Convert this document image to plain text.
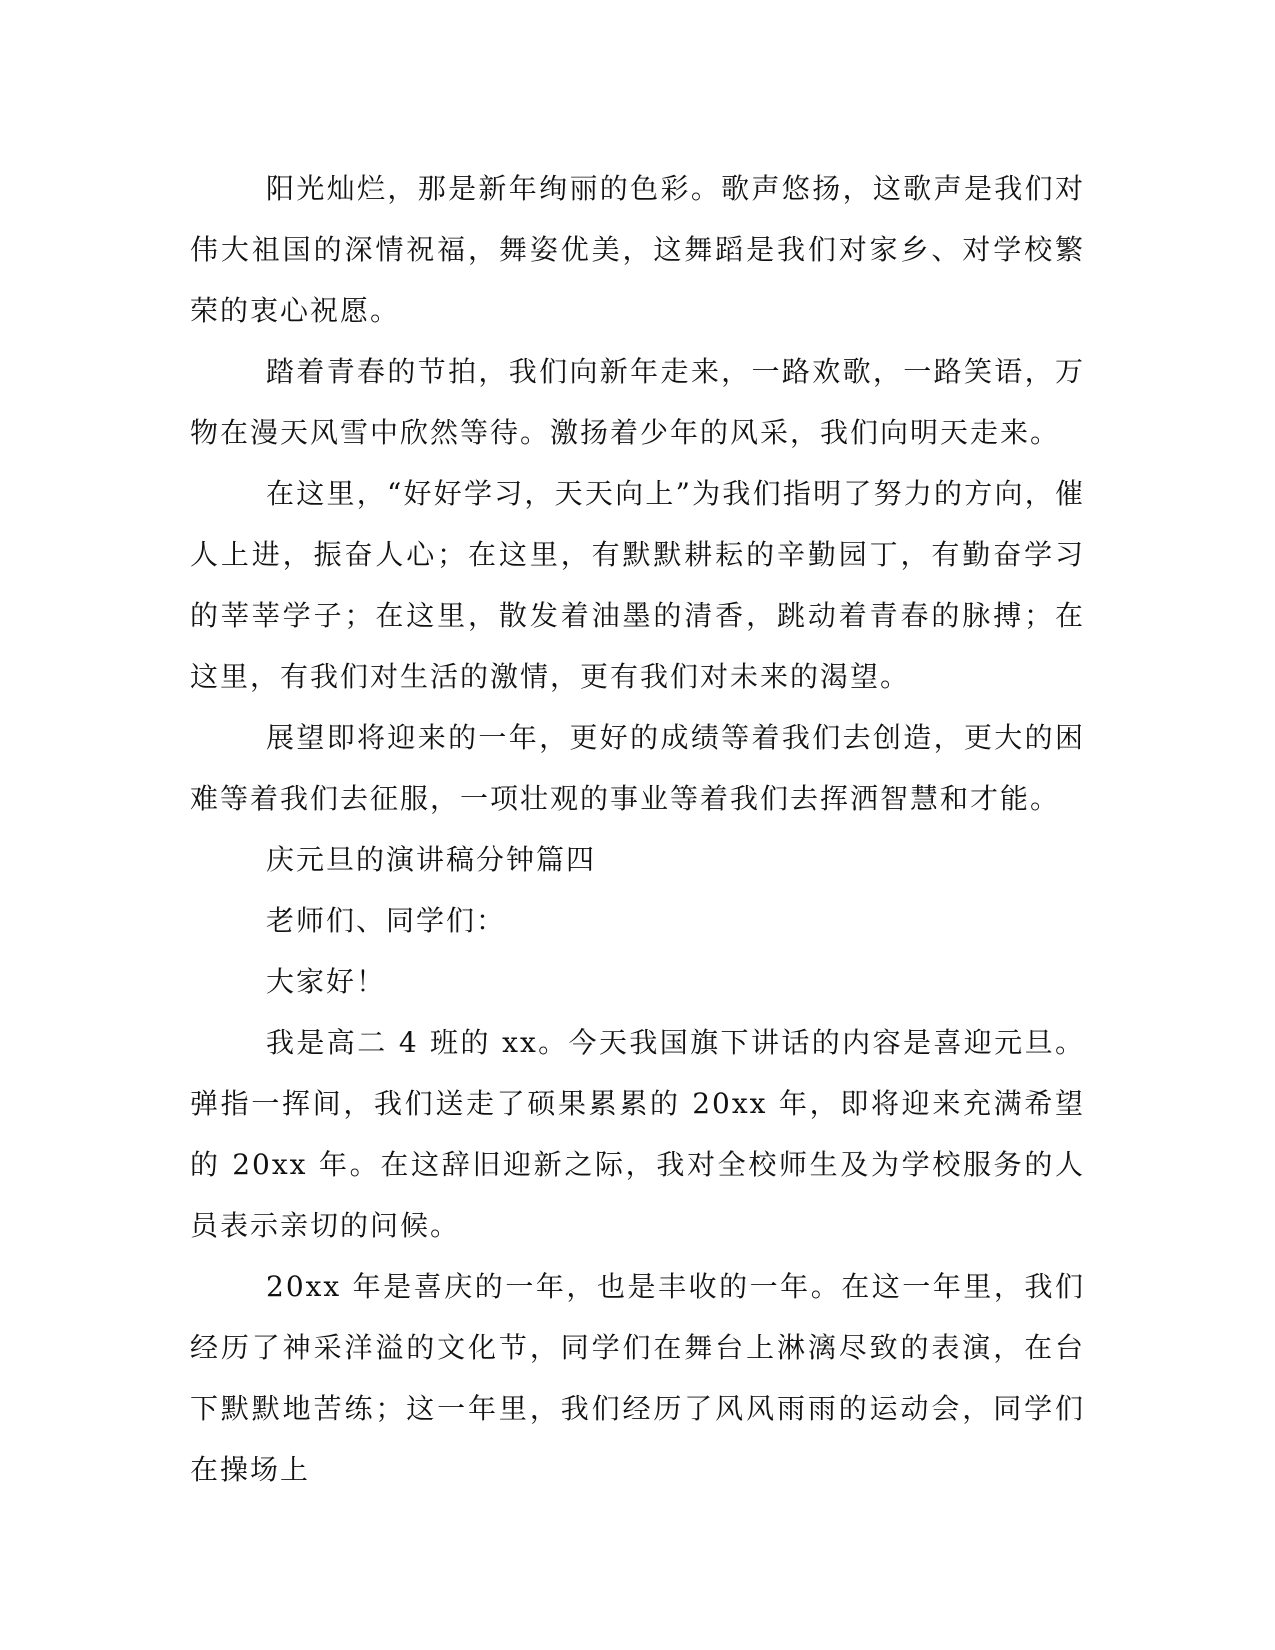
阳光灿烂，那是新年绚丽的色彩。歌声悠扬，这歌声是我们对伟大祖国的深情祝福，舞姿优美，这舞蹈是我们对家乡、对学校繁荣的衷心祝愿。

踏着青春的节拍，我们向新年走来，一路欢歌，一路笑语，万物在漫天风雪中欣然等待。激扬着少年的风采，我们向明天走来。

在这里，“好好学习，天天向上”为我们指明了努力的方向，催人上进，振奋人心；在这里，有默默耕耘的辛勤园丁，有勤奋学习的莘莘学子；在这里，散发着油墨的清香，跳动着青春的脉搏；在这里，有我们对生活的激情，更有我们对未来的渴望。

展望即将迎来的一年，更好的成绩等着我们去创造，更大的困难等着我们去征服，一项壮观的事业等着我们去挥洒智慧和才能。

庆元旦的演讲稿分钟篇四

老师们、同学们：

大家好！

我是高二 4 班的 xx。今天我国旗下讲话的内容是喜迎元旦。弹指一挥间，我们送走了硕果累累的 20xx 年，即将迎来充满希望的 20xx 年。在这辞旧迎新之际，我对全校师生及为学校服务的人员表示亲切的问候。

20xx 年是喜庆的一年，也是丰收的一年。在这一年里，我们经历了神采洋溢的文化节，同学们在舞台上淋漓尽致的表演，在台下默默地苦练；这一年里，我们经历了风风雨雨的运动会，同学们在操场上
